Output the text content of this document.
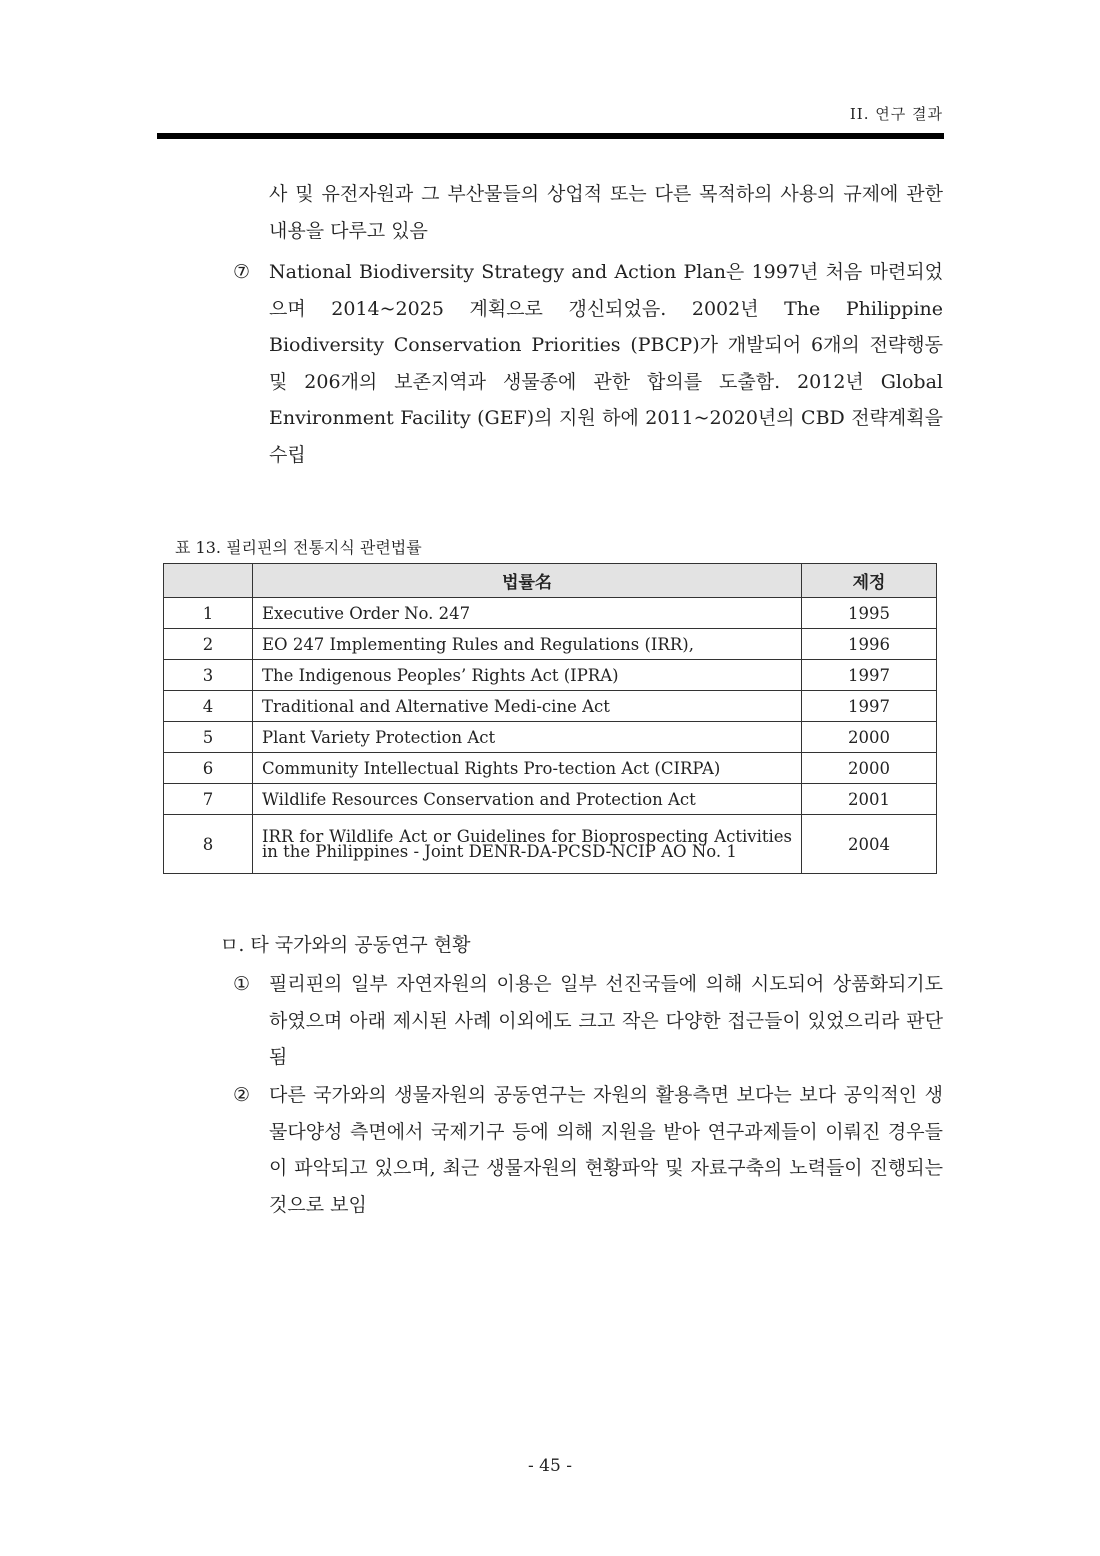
II. 연구 결과
사 및 유전자원과 그 부산물들의 상업적 또는 다른 목적하의 사용의 규제에 관한 내용을 다루고 있음
⑦ National Biodiversity Strategy and Action Plan은 1997년 처음 마련되었으며 2014~2025 계획으로 갱신되었음. 2002년 The Philippine Biodiversity Conservation Priorities (PBCP)가 개발되어 6개의 전략행동 및 206개의 보존지역과 생물종에 관한 합의를 도출함. 2012년 Global Environment Facility (GEF)의 지원 하에 2011~2020년의 CBD 전략계획을 수립
표 13. 필리핀의 전통지식 관련법률
	법률名	제정
1	Executive Order No. 247	1995
2	EO 247 Implementing Rules and Regulations (IRR),	1996
3	The Indigenous Peoples’ Rights Act (IPRA)	1997
4	Traditional and Alternative Medi-cine Act	1997
5	Plant Variety Protection Act	2000
6	Community Intellectual Rights Pro-tection Act (CIRPA)	2000
7	Wildlife Resources Conservation and Protection Act	2001
8	IRR for Wildlife Act or Guidelines for Bioprospecting Activities in the Philippines - Joint DENR-DA-PCSD-NCIP AO No. 1	2004
ㅁ. 타 국가와의 공동연구 현황
① 필리핀의 일부 자연자원의 이용은 일부 선진국들에 의해 시도되어 상품화되기도 하였으며 아래 제시된 사례 이외에도 크고 작은 다양한 접근들이 있었으리라 판단됨
② 다른 국가와의 생물자원의 공동연구는 자원의 활용측면 보다는 보다 공익적인 생물다양성 측면에서 국제기구 등에 의해 지원을 받아 연구과제들이 이뤄진 경우들이 파악되고 있으며, 최근 생물자원의 현황파악 및 자료구축의 노력들이 진행되는 것으로 보임
- 45 -
